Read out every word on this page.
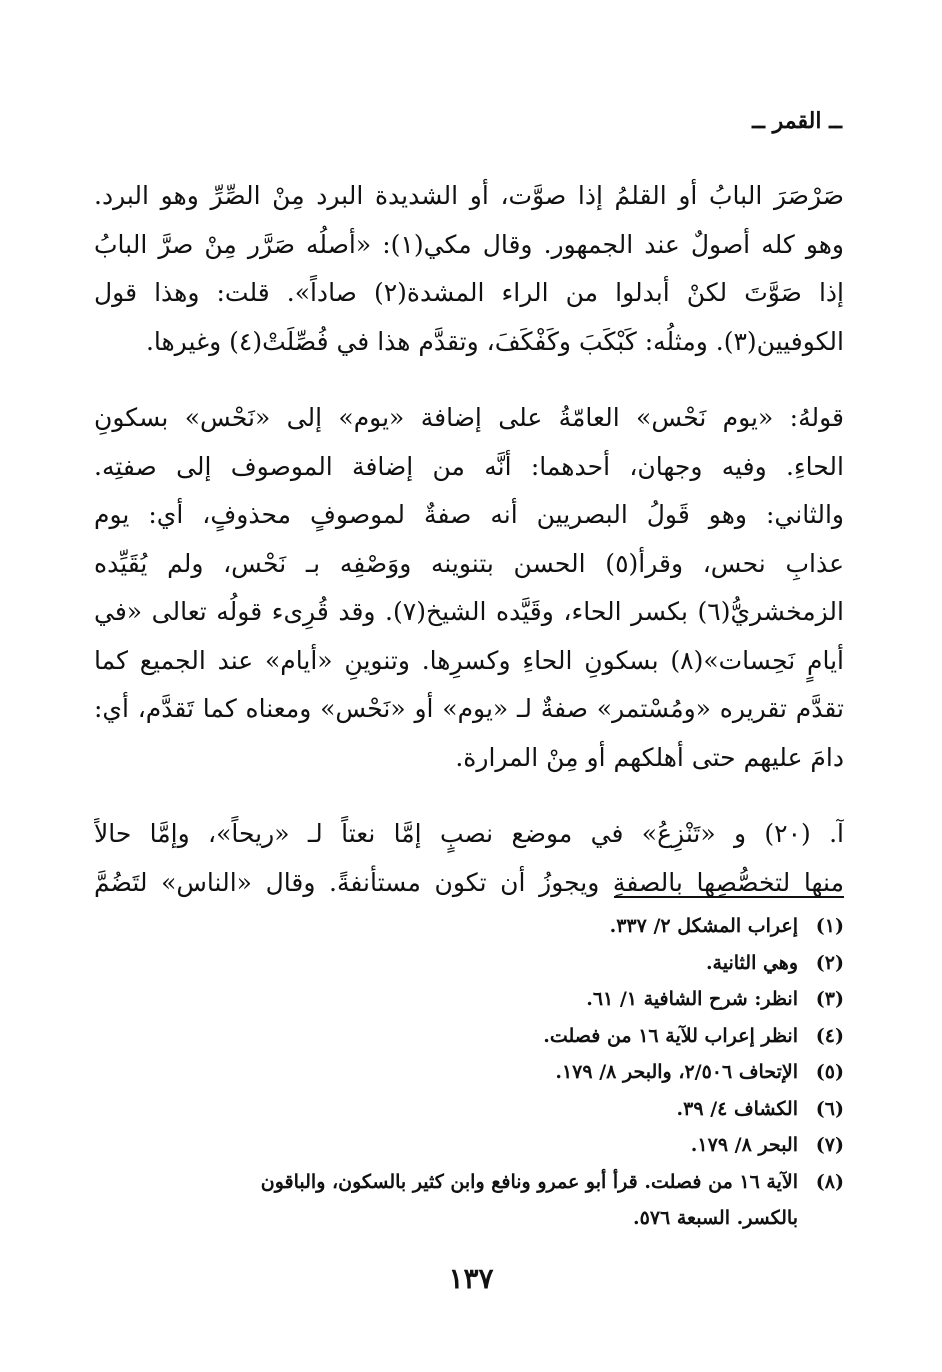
ــ القمر ــ
صَرْصَرَ البابُ أو القلمُ إذا صوَّت، أو الشديدة البرد مِنْ الصِّرِّ وهو البرد.
وهو كله أصولٌ عند الجمهور. وقال مكي(١): «أصلُه صَرَّر مِنْ صرَّ البابُ
إذا صَوَّتَ لكنْ أبدلوا من الراء المشدة(٢) صاداً». قلت: وهذا قول
الكوفيين(٣). ومثلُه: كَبْكَبَ وكَفْكَفَ، وتقدَّم هذا في فُصِّلَتْ(٤) وغيرها.
قولهُ: «يوم نَحْس» العامّةُ على إضافة «يوم» إلى «نَحْس» بسكونِ
الحاءِ. وفيه وجهان، أحدهما: أنَّه من إضافة الموصوف إلى صفتِه.
والثاني: وهو قَولُ البصريين أنه صفةٌ لموصوفٍ محذوفٍ، أي: يوم
عذابِ نحس، وقرأ(٥) الحسن بتنوينه ووَصْفِه بـ نَحْس، ولم يُقَيِّده
الزمخشريُّ(٦) بكسر الحاء، وقَيَّده الشيخ(٧). وقد قُرِىء قولُه تعالى «في
أيامٍ نَحِسات»(٨) بسكونِ الحاءِ وكسرِها. وتنوينِ «أيام» عند الجميع كما
تقدَّم تقريره «ومُسْتمر» صفةٌ لـ «يوم» أو «نَحْس» ومعناه كما تَقدَّم، أي:
دامَ عليهم حتى أهلكهم أو مِنْ المرارة.
آ. (٢٠) و «تَنْزِعُ» في موضع نصبٍ إمَّا نعتاً لـ «ريحاً»، وإمَّا حالاً
منها لتخصُّصِها بالصفةِ ويجوزُ أن تكون مستأنفةً. وقال «الناس» لتَضُمَّ
(١)
إعراب المشكل ٢/ ٣٣٧.
(٢)
وهي الثانية.
(٣)
انظر: شرح الشافية ١/ ٦١.
(٤)
انظر إعراب للآية ١٦ من فصلت.
(٥)
الإتحاف ٢/٥٠٦، والبحر ٨/ ١٧٩.
(٦)
الكشاف ٤/ ٣٩.
(٧)
البحر ٨/ ١٧٩.
(٨)
الآية ١٦ من فصلت. قرأ أبو عمرو ونافع وابن كثير بالسكون، والباقون
بالكسر. السبعة ٥٧٦.
١٣٧
